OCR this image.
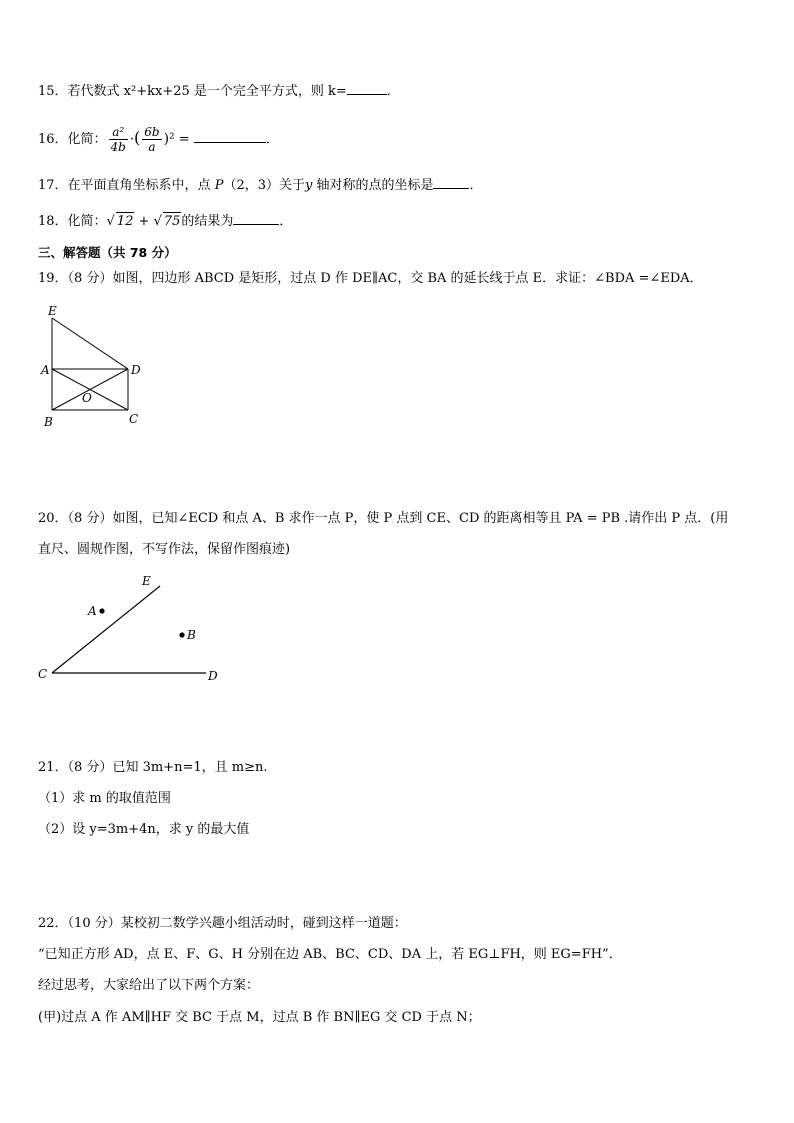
15．若代数式 x²+kx+25 是一个完全平方式，则 k=	．
16．化简： $\frac{\text{a²}}{4b}$ ·( $\frac{6b}{a} )^2$ =	．
17．在平面直角坐标系中，点 P（2，3）关于y 轴对称的点的坐标是	．
18．化简：√ 12 + √ 75的结果为	．
三、解答题（共 78 分）
19．（8 分）如图，四边形 ABCD 是矩形，过点 D 作 DE∥AC，交 BA 的延长线于点 E．求证：∠BDA =∠EDA．
E
A	D
O
B	C
20．（8 分）如图，已知∠ECD 和点 A、B 求作一点 P，使 P 点到 CE、CD 的距离相等且 PA = PB .请作出 P 点．(用
直尺、圆规作图，不写作法，保留作图痕迹)
E
A
B
C	D
21．（8 分）已知 3m+n=1，且 m≥n.
（1）求 m 的取值范围
（2）设 y=3m+4n，求 y 的最大值
22．（10 分）某校初二数学兴趣小组活动时，碰到这样一道题：
“已知正方形 AD，点 E、F、G、H 分别在边 AB、BC、CD、DA 上，若 EG⊥FH，则 EG=FH”．
经过思考，大家给出了以下两个方案：
(甲)过点 A 作 AM∥HF 交 BC 于点 M，过点 B 作 BN∥EG 交 CD 于点 N；
